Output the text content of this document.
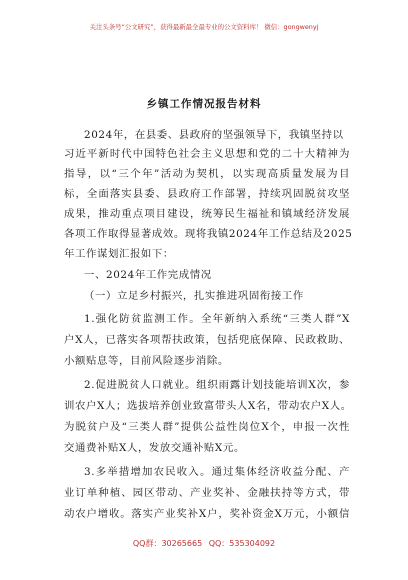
关注头条号“公文研究”，获得最新最全最专业的公文资料库！ 微信：gongwenyj
乡镇工作情况报告材料
2024年，在县委、县政府的坚强领导下，我镇坚持以
习近平新时代中国特色社会主义思想和党的二十大精神为
指导，以“三个年”活动为契机，以实现高质量发展为目
标，全面落实县委、县政府工作部署，持续巩固脱贫攻坚
成果，推动重点项目建设，统筹民生福祉和镇域经济发展
各项工作取得显著成效。现将我镇2024年工作总结及2025
年工作谋划汇报如下：
一、2024年工作完成情况
（一）立足乡村振兴，扎实推进巩固衔接工作
1.强化防贫监测工作。全年新纳入系统“三类人群”X
户X人，已落实各项帮扶政策，包括兜底保障、民政救助、
小额贴息等，目前风险逐步消除。
2.促进脱贫人口就业。组织雨露计划技能培训X次，参
训农户X人；选拔培养创业致富带头人X名，带动农户X人。
为脱贫户及“三类人群”提供公益性岗位X个，申报一次性
交通费补贴X人，发放交通补贴X元。
3.多举措增加农民收入。通过集体经济收益分配、产
业订单种植、园区带动、产业奖补、金融扶持等方式，带
动农户增收。落实产业奖补X户，奖补资金X万元，小额信
QQ群：30265665 QQ：535304092
